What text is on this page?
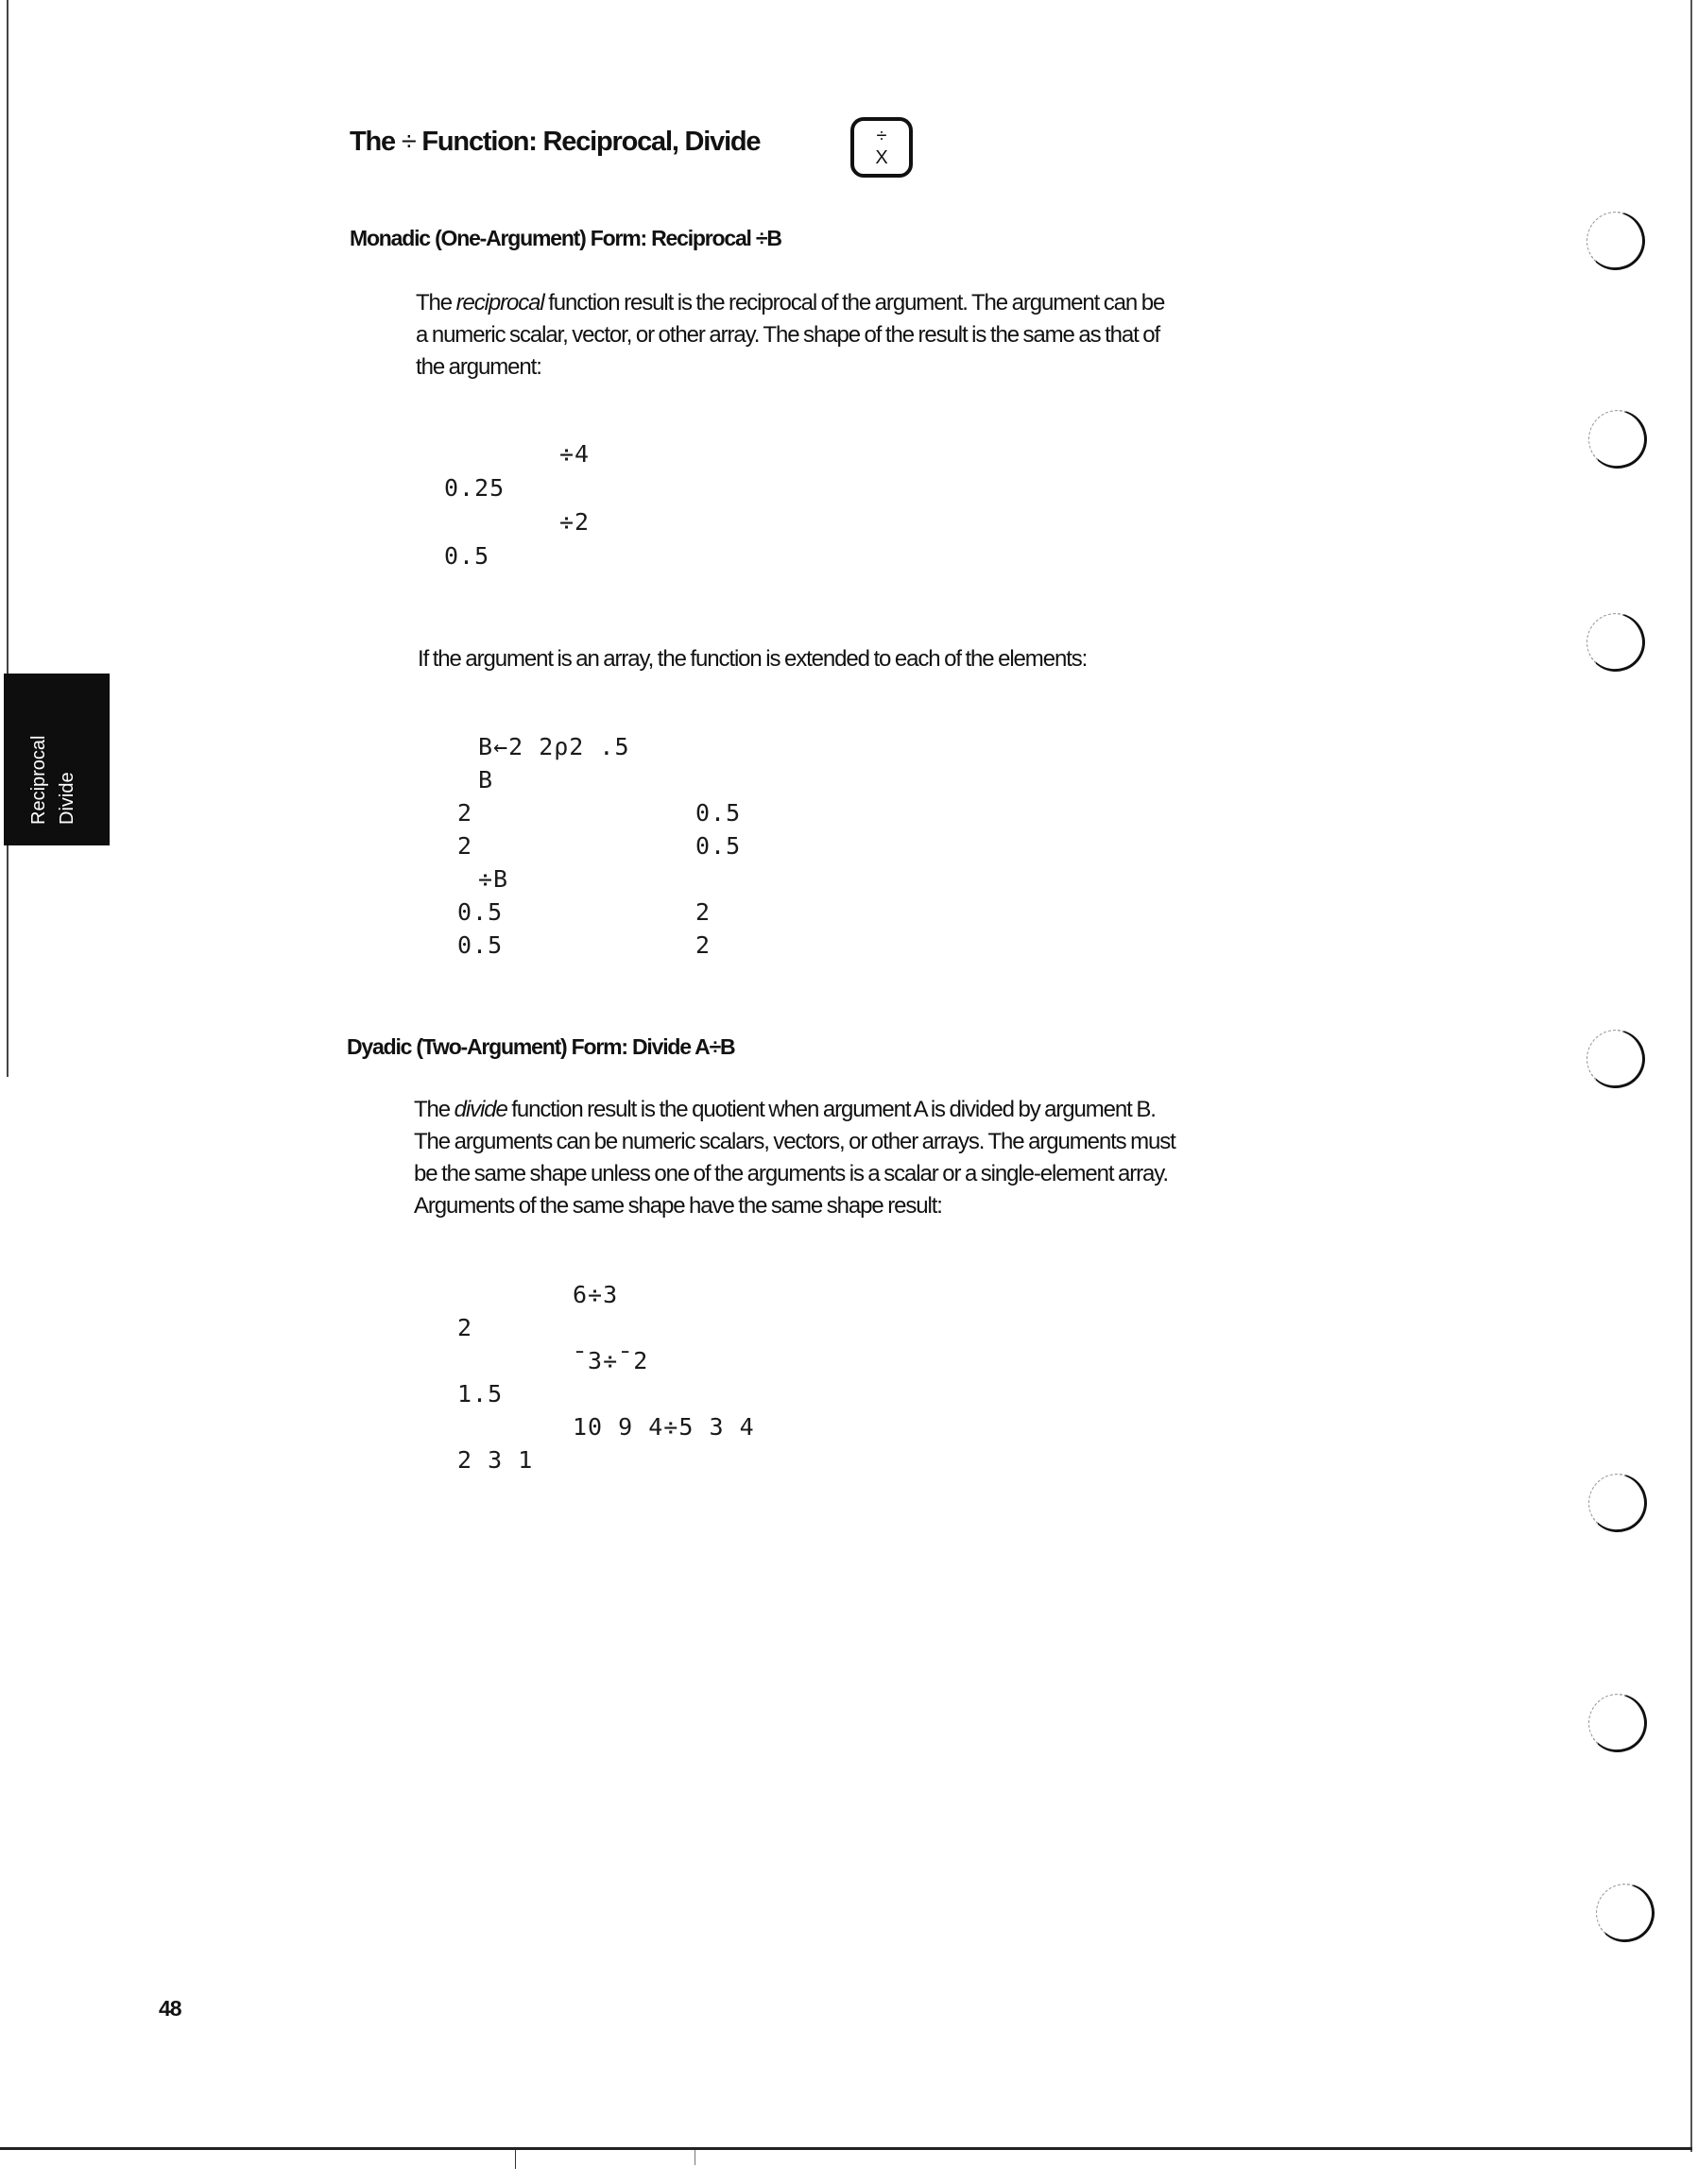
Reciprocal Divide
The ÷ Function: Reciprocal, Divide	÷
X
Monadic (One-Argument) Form: Reciprocal ÷B
The reciprocal function result is the reciprocal of the argument. The argument can be
a numeric scalar, vector, or other array. The shape of the result is the same as that of
the argument:
÷4
0.25
÷2
0.5
If the argument is an array, the function is extended to each of the elements:
B←2 2⍴2 .5
B
2	0.5
2	0.5
÷B
0.5	2
0.5	2
Dyadic (Two-Argument) Form: Divide A÷B
The divide function result is the quotient when argument A is divided by argument B.
The arguments can be numeric scalars, vectors, or other arrays. The arguments must
be the same shape unless one of the arguments is a scalar or a single-element array.
Arguments of the same shape have the same shape result:
6÷3
2
¯3÷¯2
1.5
10 9 4÷5 3 4
2 3 1
48
